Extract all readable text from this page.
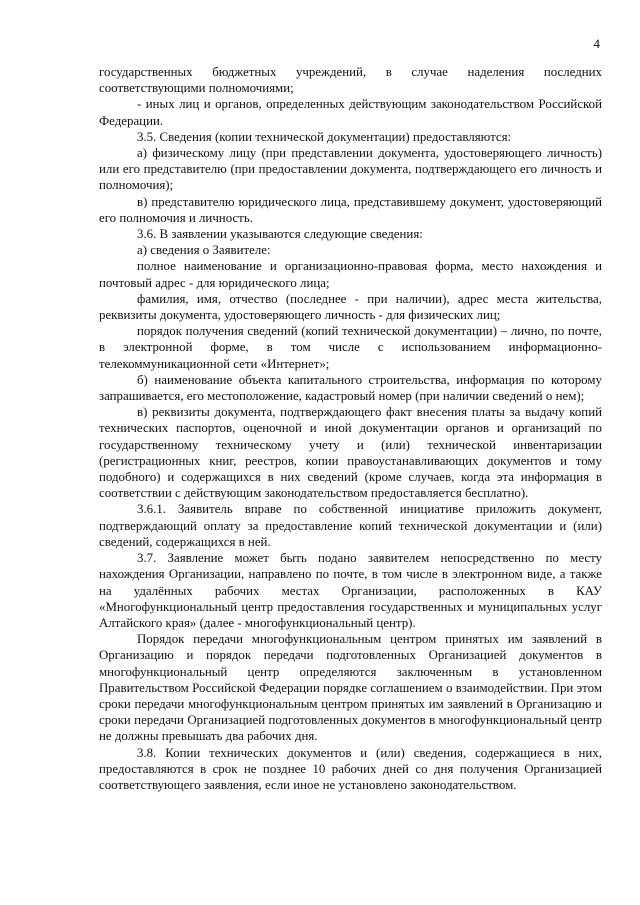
4

государственных бюджетных учреждений, в случае наделения последних соответствующими полномочиями;

- иных лиц и органов, определенных действующим законодательством Российской Федерации.

3.5. Сведения (копии технической документации) предоставляются:

а) физическому лицу (при представлении документа, удостоверяющего личность) или его представителю (при предоставлении документа, подтверждающего его личность и полномочия);

в) представителю юридического лица, представившему документ, удостоверяющий его полномочия и личность.

3.6. В заявлении указываются следующие сведения:

а) сведения о Заявителе:

полное наименование и организационно-правовая форма, место нахождения и почтовый адрес - для юридического лица;

фамилия, имя, отчество (последнее - при наличии), адрес места жительства, реквизиты документа, удостоверяющего личность - для физических лиц;

порядок получения сведений (копий технической документации) – лично, по почте, в электронной форме, в том числе с использованием информационно-телекоммуникационной сети «Интернет»;

б) наименование объекта капитального строительства, информация по которому запрашивается, его местоположение, кадастровый номер (при наличии сведений о нем);

в) реквизиты документа, подтверждающего факт внесения платы за выдачу копий технических паспортов, оценочной и иной документации органов и организаций по государственному техническому учету и (или) технической инвентаризации (регистрационных книг, реестров, копии правоустанавливающих документов и тому подобного) и содержащихся в них сведений (кроме случаев, когда эта информация в соответствии с действующим законодательством предоставляется бесплатно).

3.6.1. Заявитель вправе по собственной инициативе приложить документ, подтверждающий оплату за предоставление копий технической документации и (или) сведений, содержащихся в ней.

3.7. Заявление может быть подано заявителем непосредственно по месту нахождения Организации, направлено по почте, в том числе в электронном виде, а также на удалённых рабочих местах Организации, расположенных в КАУ «Многофункциональный центр предоставления государственных и муниципальных услуг Алтайского края» (далее - многофункциональный центр).

Порядок передачи многофункциональным центром принятых им заявлений в Организацию и порядок передачи подготовленных Организацией документов в многофункциональный центр определяются заключенным в установленном Правительством Российской Федерации порядке соглашением о взаимодействии. При этом сроки передачи многофункциональным центром принятых им заявлений в Организацию и сроки передачи Организацией подготовленных документов в многофункциональный центр не должны превышать два рабочих дня.

3.8. Копии технических документов и (или) сведения, содержащиеся в них, предоставляются в срок не позднее 10 рабочих дней со дня получения Организацией соответствующего заявления, если иное не установлено законодательством.
